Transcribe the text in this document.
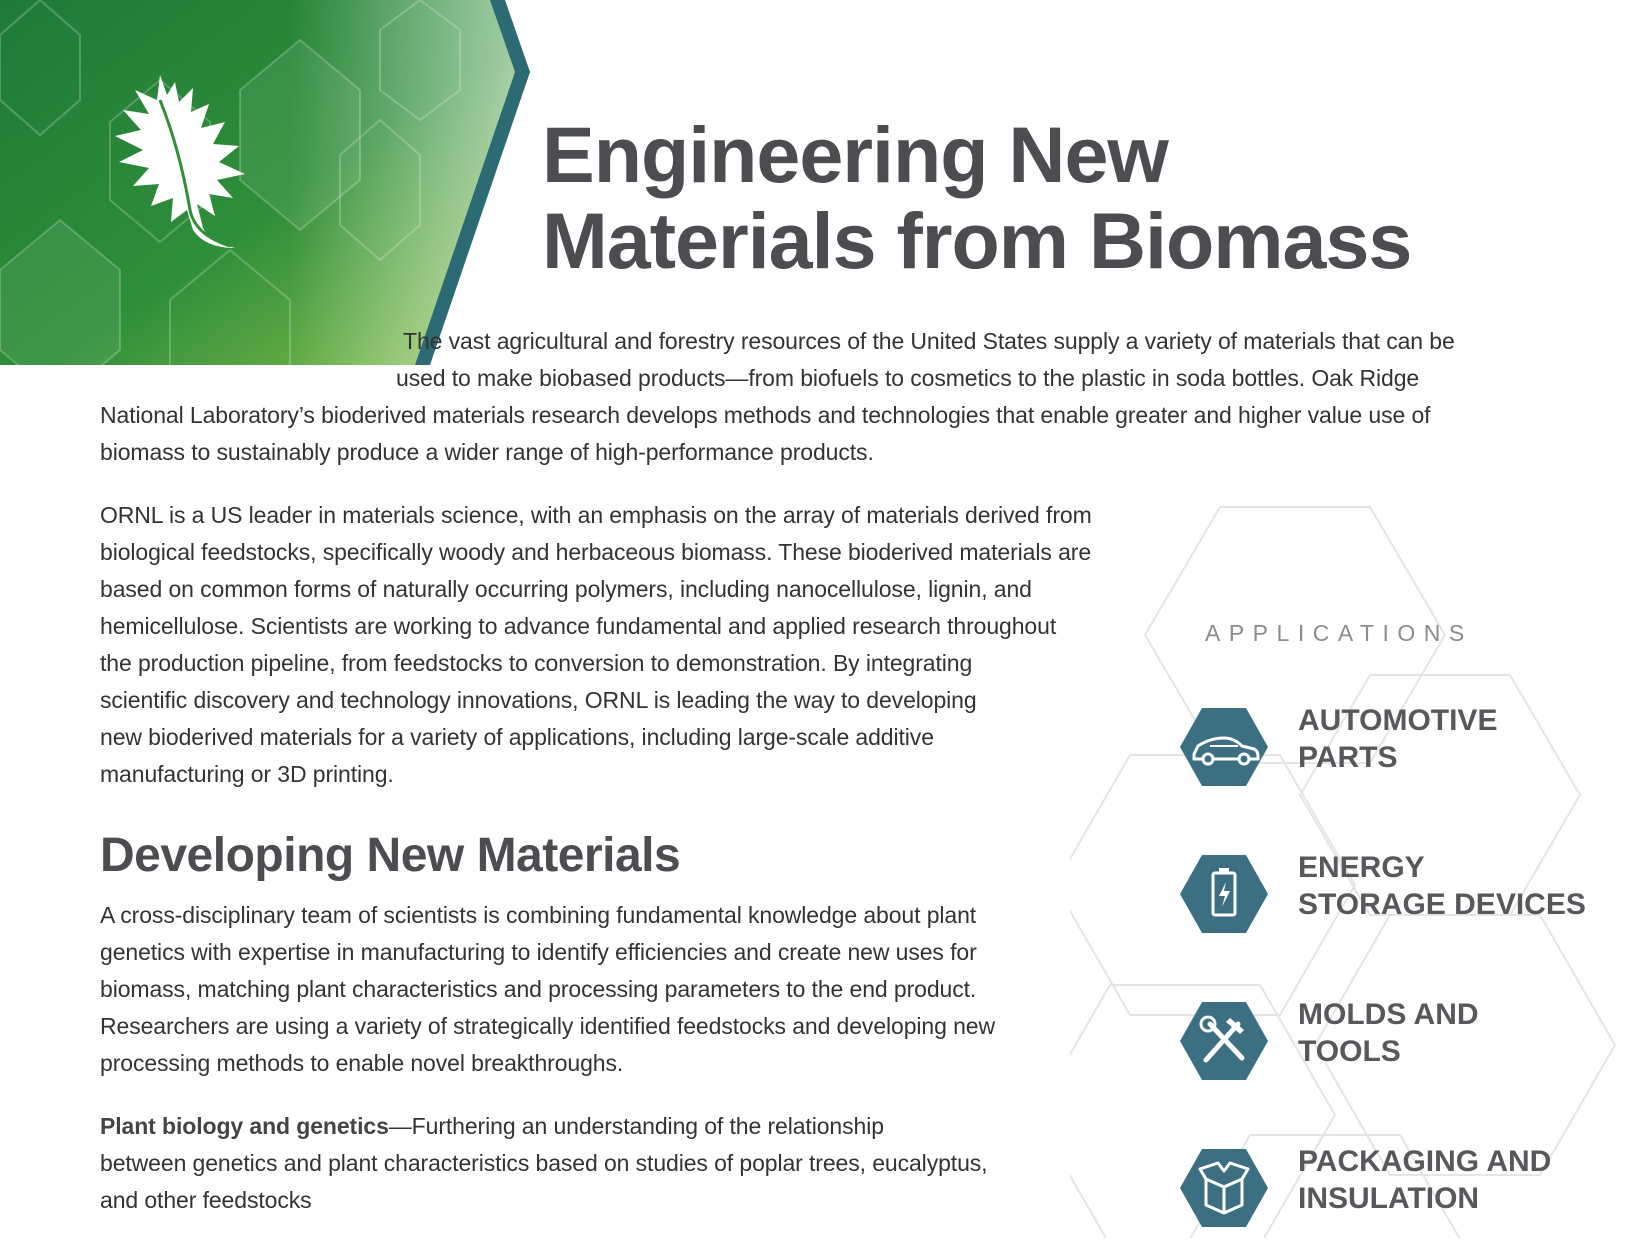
Engineering New
Materials from Biomass

The vast agricultural and forestry resources of the United States supply a variety of materials that can be
used to make biobased products—from biofuels to cosmetics to the plastic in soda bottles. Oak Ridge

National Laboratory’s bioderived materials research develops methods and technologies that enable greater and higher value use of
biomass to sustainably produce a wider range of high-performance products.

ORNL is a US leader in materials science, with an emphasis on the array of materials derived from
biological feedstocks, specifically woody and herbaceous biomass. These bioderived materials are
based on common forms of naturally occurring polymers, including nanocellulose, lignin, and
hemicellulose. Scientists are working to advance fundamental and applied research throughout
the production pipeline, from feedstocks to conversion to demonstration. By integrating
scientific discovery and technology innovations, ORNL is leading the way to developing
new bioderived materials for a variety of applications, including large-scale additive
manufacturing or 3D printing.

Developing New Materials

A cross-disciplinary team of scientists is combining fundamental knowledge about plant
genetics with expertise in manufacturing to identify efficiencies and create new uses for
biomass, matching plant characteristics and processing parameters to the end product.
Researchers are using a variety of strategically identified feedstocks and developing new
processing methods to enable novel breakthroughs.

Plant biology and genetics—Furthering an understanding of the relationship
between genetics and plant characteristics based on studies of poplar trees, eucalyptus,
and other feedstocks

APPLICATIONS
AUTOMOTIVE
PARTS
ENERGY
STORAGE DEVICES
MOLDS AND
TOOLS
PACKAGING AND
INSULATION
